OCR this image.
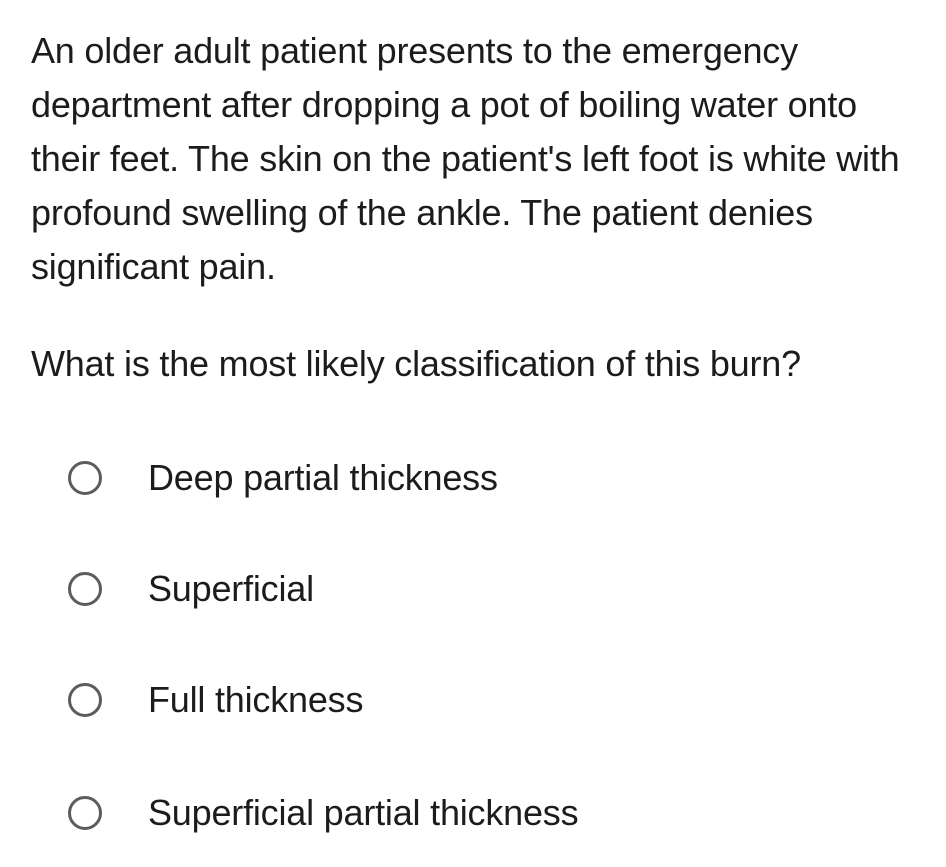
An older adult patient presents to the emergency department after dropping a pot of boiling water onto their feet. The skin on the patient's left foot is white with profound swelling of the ankle. The patient denies significant pain.

What is the most likely classification of this burn?

Deep partial thickness
Superficial
Full thickness
Superficial partial thickness
